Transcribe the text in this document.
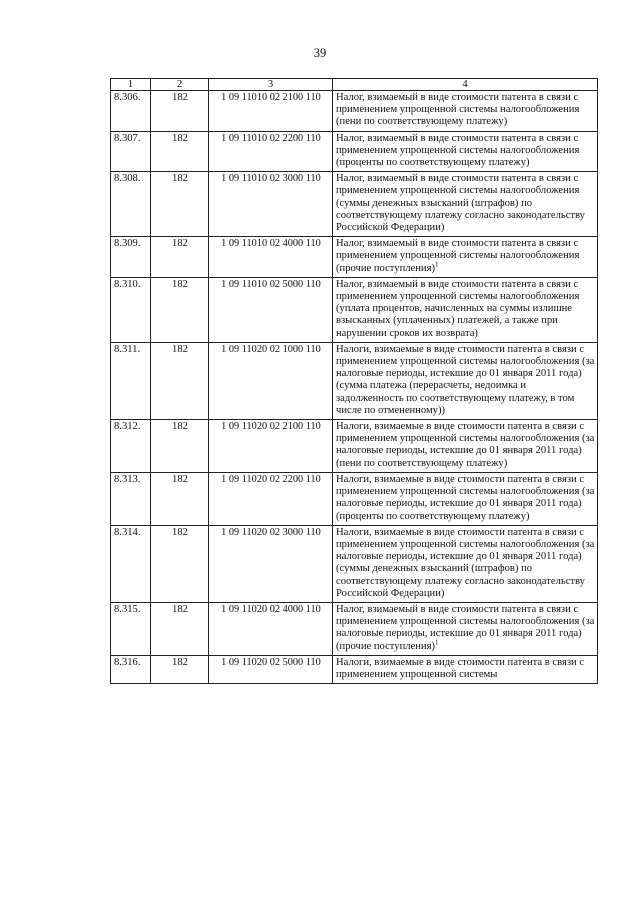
39
1	2	3	4
8.306.	182	1 09 11010 02 2100 110	Налог, взимаемый в виде стоимости патента в связи с применением упрощенной системы налогообложения (пени по соответствующему платежу)
8.307.	182	1 09 11010 02 2200 110	Налог, взимаемый в виде стоимости патента в связи с применением упрощенной системы налогообложения (проценты по соответствующему платежу)
8.308.	182	1 09 11010 02 3000 110	Налог, взимаемый в виде стоимости патента в связи с применением упрощенной системы налогообложения (суммы денежных взысканий (штрафов) по соответствующему платежу согласно законодательству Российской Федерации)
8.309.	182	1 09 11010 02 4000 110	Налог, взимаемый в виде стоимости патента в связи с применением упрощенной системы налогообложения (прочие поступления)$^1$
8.310.	182	1 09 11010 02 5000 110	Налог, взимаемый в виде стоимости патента в связи с применением упрощенной системы налогообложения (уплата процентов, начисленных на суммы излишне взысканных (уплаченных) платежей, а также при нарушении сроков их возврата)
8.311.	182	1 09 11020 02 1000 110	Налоги, взимаемые в виде стоимости патента в связи с применением упрощенной системы налогообложения (за налоговые периоды, истекшие до 01 января 2011 года) (сумма платежа (перерасчеты, недоимка и задолженность по соответствующему платежу, в том числе по отмененному))
8.312.	182	1 09 11020 02 2100 110	Налоги, взимаемые в виде стоимости патента в связи с применением упрощенной системы налогообложения (за налоговые периоды, истекшие до 01 января 2011 года) (пени по соответствующему платежу)
8.313.	182	1 09 11020 02 2200 110	Налоги, взимаемые в виде стоимости патента в связи с применением упрощенной системы налогообложения (за налоговые периоды, истекшие до 01 января 2011 года) (проценты по соответствующему платежу)
8.314.	182	1 09 11020 02 3000 110	Налоги, взимаемые в виде стоимости патента в связи с применением упрощенной системы налогообложения (за налоговые периоды, истекшие до 01 января 2011 года) (суммы денежных взысканий (штрафов) по соответствующему платежу согласно законодательству Российской Федерации)
8.315.	182	1 09 11020 02 4000 110	Налог, взимаемый в виде стоимости патента в связи с применением упрощенной системы налогообложения (за налоговые периоды, истекшие до 01 января 2011 года) (прочие поступления)$^1$
8.316.	182	1 09 11020 02 5000 110	Налоги, взимаемые в виде стоимости патента в связи с применением упрощенной системы
